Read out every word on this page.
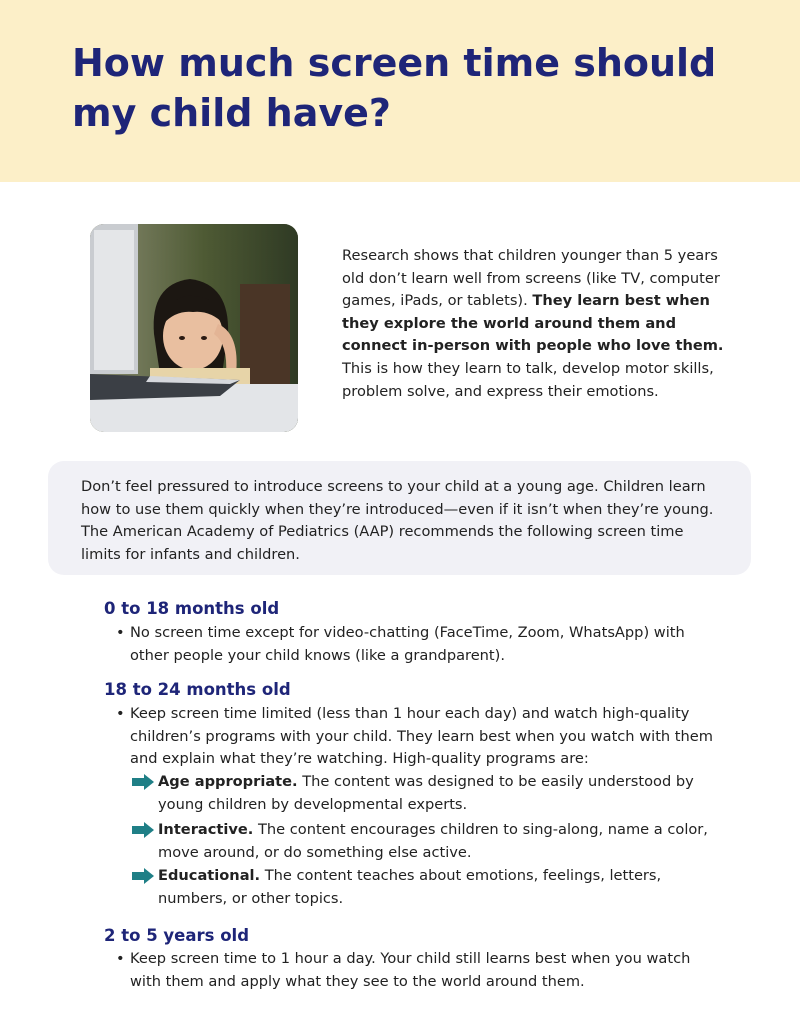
How much screen time should my child have?

Research shows that children younger than 5 years old don’t learn well from screens (like TV, computer games, iPads, or tablets). They learn best when they explore the world around them and connect in-person with people who love them. This is how they learn to talk, develop motor skills, problem solve, and express their emotions.

Don’t feel pressured to introduce screens to your child at a young age. Children learn how to use them quickly when they’re introduced—even if it isn’t when they’re young. The American Academy of Pediatrics (AAP) recommends the following screen time limits for infants and children.

0 to 18 months old

• No screen time except for video-chatting (FaceTime, Zoom, WhatsApp) with other people your child knows (like a grandparent).

18 to 24 months old

• Keep screen time limited (less than 1 hour each day) and watch high-quality children’s programs with your child. They learn best when you watch with them and explain what they’re watching. High-quality programs are:

Age appropriate. The content was designed to be easily understood by young children by developmental experts.

Interactive. The content encourages children to sing-along, name a color, move around, or do something else active.

Educational. The content teaches about emotions, feelings, letters, numbers, or other topics.

2 to 5 years old

• Keep screen time to 1 hour a day. Your child still learns best when you watch with them and apply what they see to the world around them.
